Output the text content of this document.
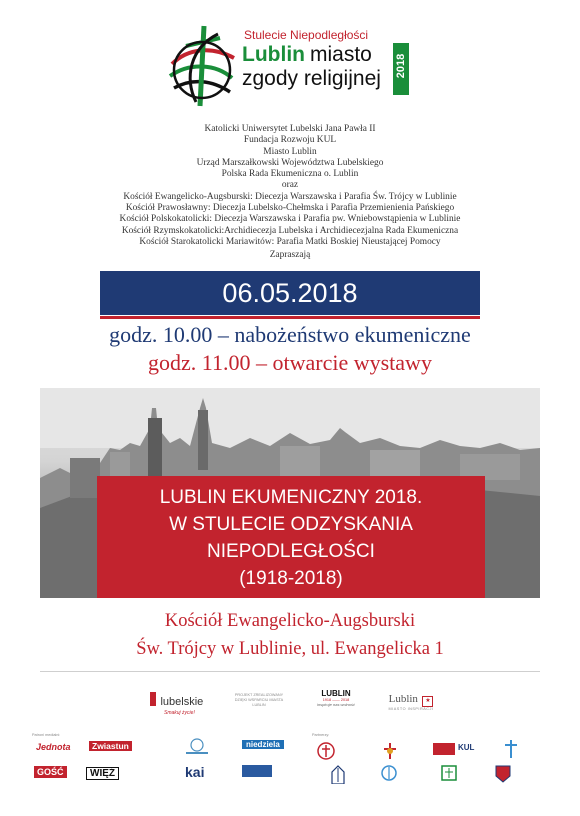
Stulecie Niepodległości
Lublin miasto
zgody religijnej
2018
Katolicki Uniwersytet Lubelski Jana Pawła II
Fundacja Rozwoju KUL
Miasto Lublin
Urząd Marszałkowski Województwa Lubelskiego
Polska Rada Ekumeniczna o. Lublin
oraz
Kościół Ewangelicko-Augsburski: Diecezja Warszawska i Parafia Św. Trójcy w Lublinie
Kościół Prawosławny: Diecezja Lubelsko-Chełmska i Parafia Przemienienia Pańskiego
Kościół Polskokatolicki: Diecezja Warszawska i Parafia pw. Wniebowstąpienia w Lublinie
Kościół Rzymskokatolicki:Archidiecezja Lubelska i Archidiecezjalna Rada Ekumeniczna
Kościół Starokatolicki Mariawitów: Parafia Matki Boskiej Nieustającej Pomocy
Zapraszają
06.05.2018
godz. 10.00 – nabożeństwo ekumeniczne
godz. 11.00 – otwarcie wystawy
LUBLIN EKUMENICZNY 2018.
W STULECIE ODZYSKANIA
NIEPODLEGŁOŚCI
(1918-2018)
Kościół Ewangelicko-Augsburski
Św. Trójcy w Lublinie, ul. Ewangelicka 1
lubelskie
Smakuj życie!
PROJEKT ZREALIZOWANY DZIĘKI WSPARCIU MIASTA LUBLIN
LUBLIN
1918 —— 2018
inspiruje nas wolność	Lublin ★
MIASTO INSPIRACJI
Patroni medialni:
Jednota	Zwiastun	niedziela
GOŚĆ	WIĘŹ	kai
Partnerzy:
KUL
